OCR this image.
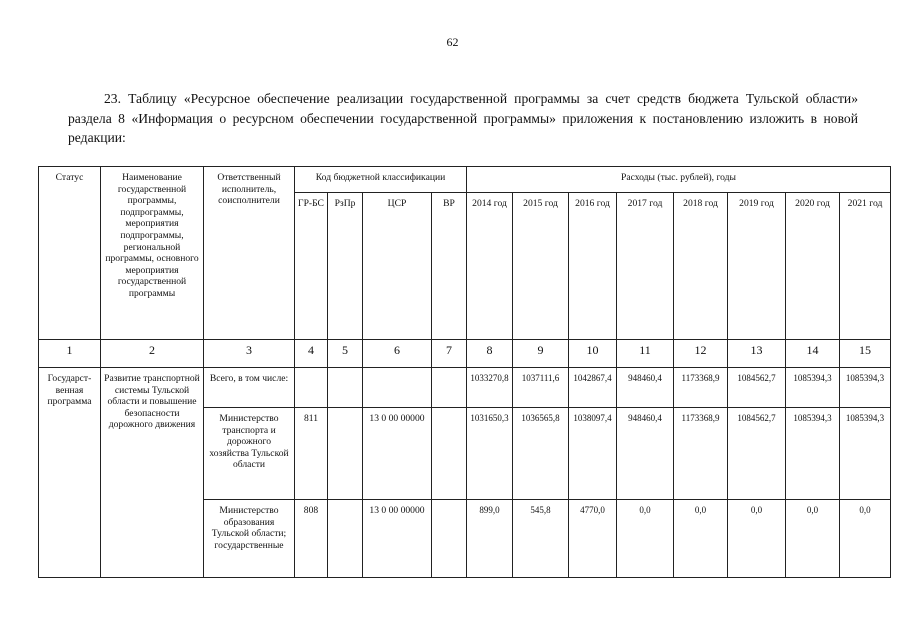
62
23. Таблицу «Ресурсное обеспечение реализации государственной программы за счет средств бюджета Тульской области» раздела 8 «Информация о ресурсном обеспечении государственной программы» приложения к постановлению изложить в новой редакции:
Статус	Наименование государственной программы, подпрограммы, мероприятия подпрограммы, региональной программы, основного мероприятия государственной программы	Ответственный исполнитель, соисполнители	Код бюджетной классификации				Расходы (тыс. рублей), годы							
			ГР-БС	РзПр	ЦСР	ВР	2014 год	2015 год	2016 год	2017 год	2018 год	2019 год	2020 год	2021 год
1	2	3	4	5	6	7	8	9	10	11	12	13	14	15
Государст-венная программа	Развитие транспортной системы Тульской области и повышение безопасности дорожного движения	Всего, в том числе:					1033270,8	1037111,6	1042867,4	948460,4	1173368,9	1084562,7	1085394,3	1085394,3
		Министерство транспорта и дорожного хозяйства Тульской области	811		13 0 00 00000		1031650,3	1036565,8	1038097,4	948460,4	1173368,9	1084562,7	1085394,3	1085394,3
		Министерство образования Тульской области; государственные	808		13 0 00 00000		899,0	545,8	4770,0	0,0	0,0	0,0	0,0	0,0
